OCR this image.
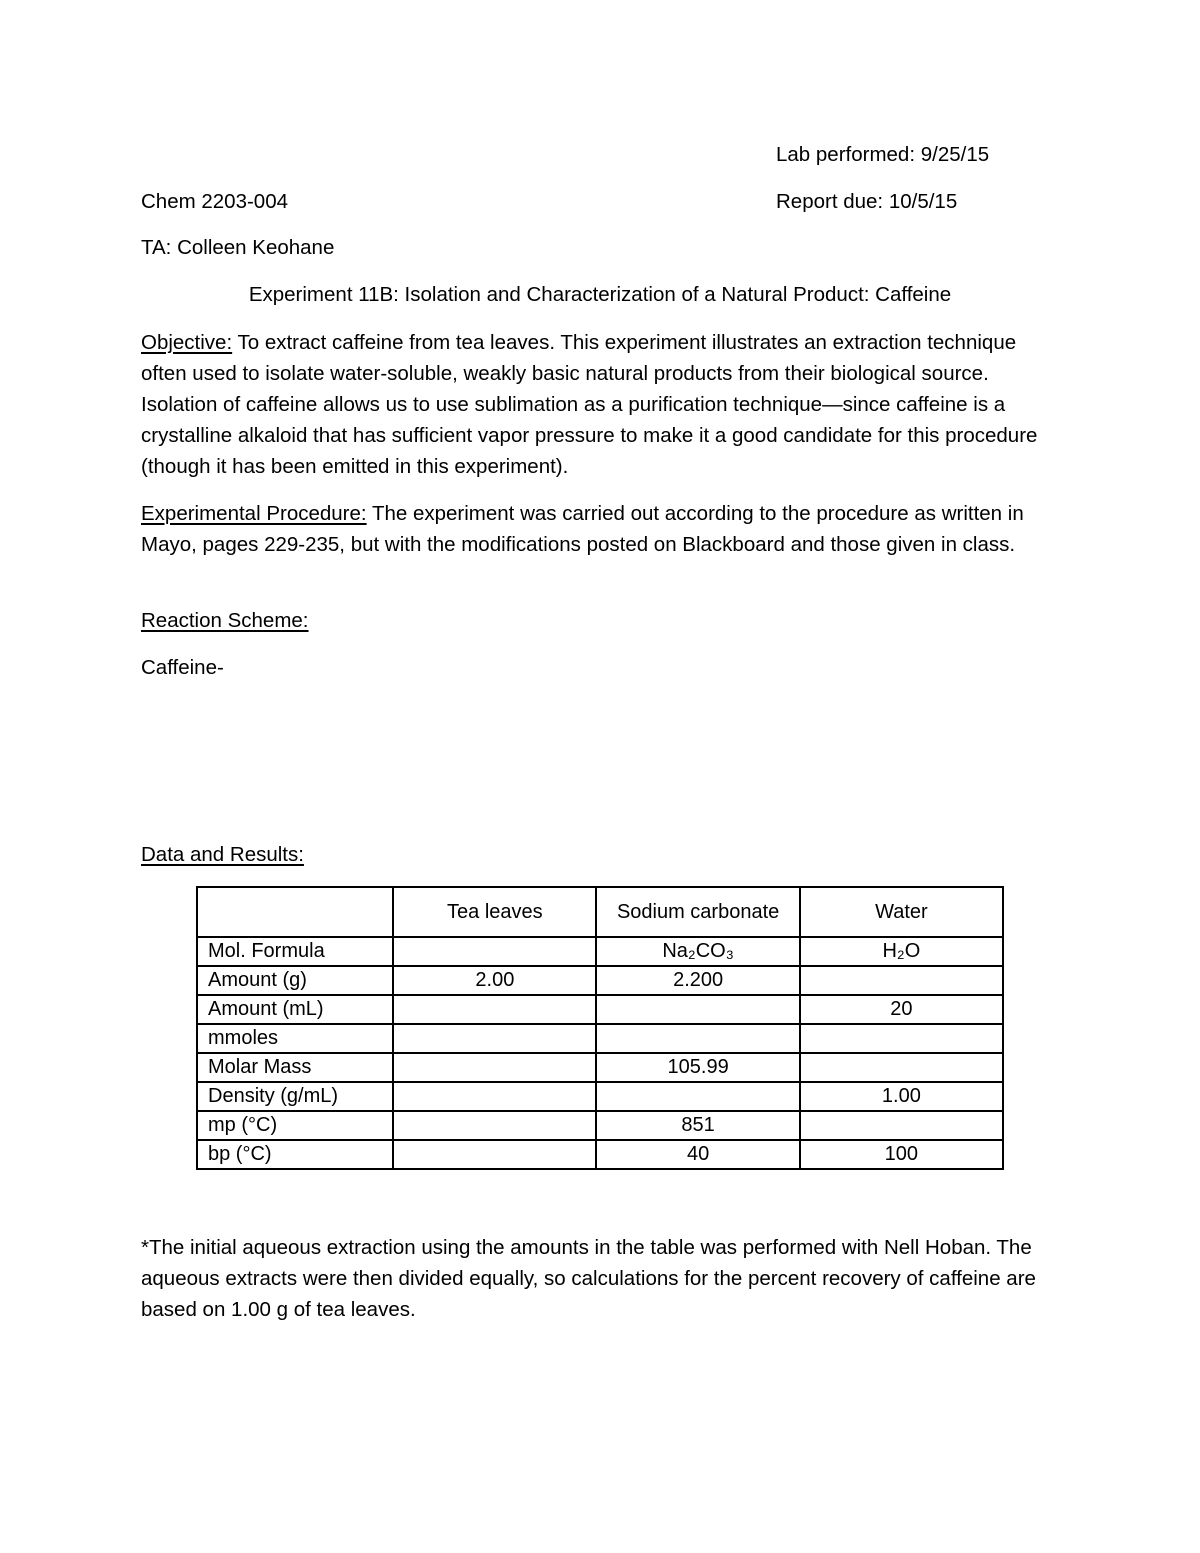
Lab performed: 9/25/15
Chem 2203-004	Report due: 10/5/15
TA: Colleen Keohane
Experiment 11B: Isolation and Characterization of a Natural Product: Caffeine
Objective: To extract caffeine from tea leaves. This experiment illustrates an extraction technique often used to isolate water-soluble, weakly basic natural products from their biological source. Isolation of caffeine allows us to use sublimation as a purification technique—since caffeine is a crystalline alkaloid that has sufficient vapor pressure to make it a good candidate for this procedure (though it has been emitted in this experiment).
Experimental Procedure: The experiment was carried out according to the procedure as written in Mayo, pages 229-235, but with the modifications posted on Blackboard and those given in class.
Reaction Scheme:
Caffeine-
Data and Results:
	Tea leaves	Sodium carbonate	Water
Mol. Formula		Na₂CO₃	H₂O
Amount (g)	2.00	2.200	
Amount (mL)			20
mmoles			
Molar Mass		105.99	
Density (g/mL)			1.00
mp (°C)		851	
bp (°C)		40	100
*The initial aqueous extraction using the amounts in the table was performed with Nell Hoban. The aqueous extracts were then divided equally, so calculations for the percent recovery of caffeine are based on 1.00 g of tea leaves.
